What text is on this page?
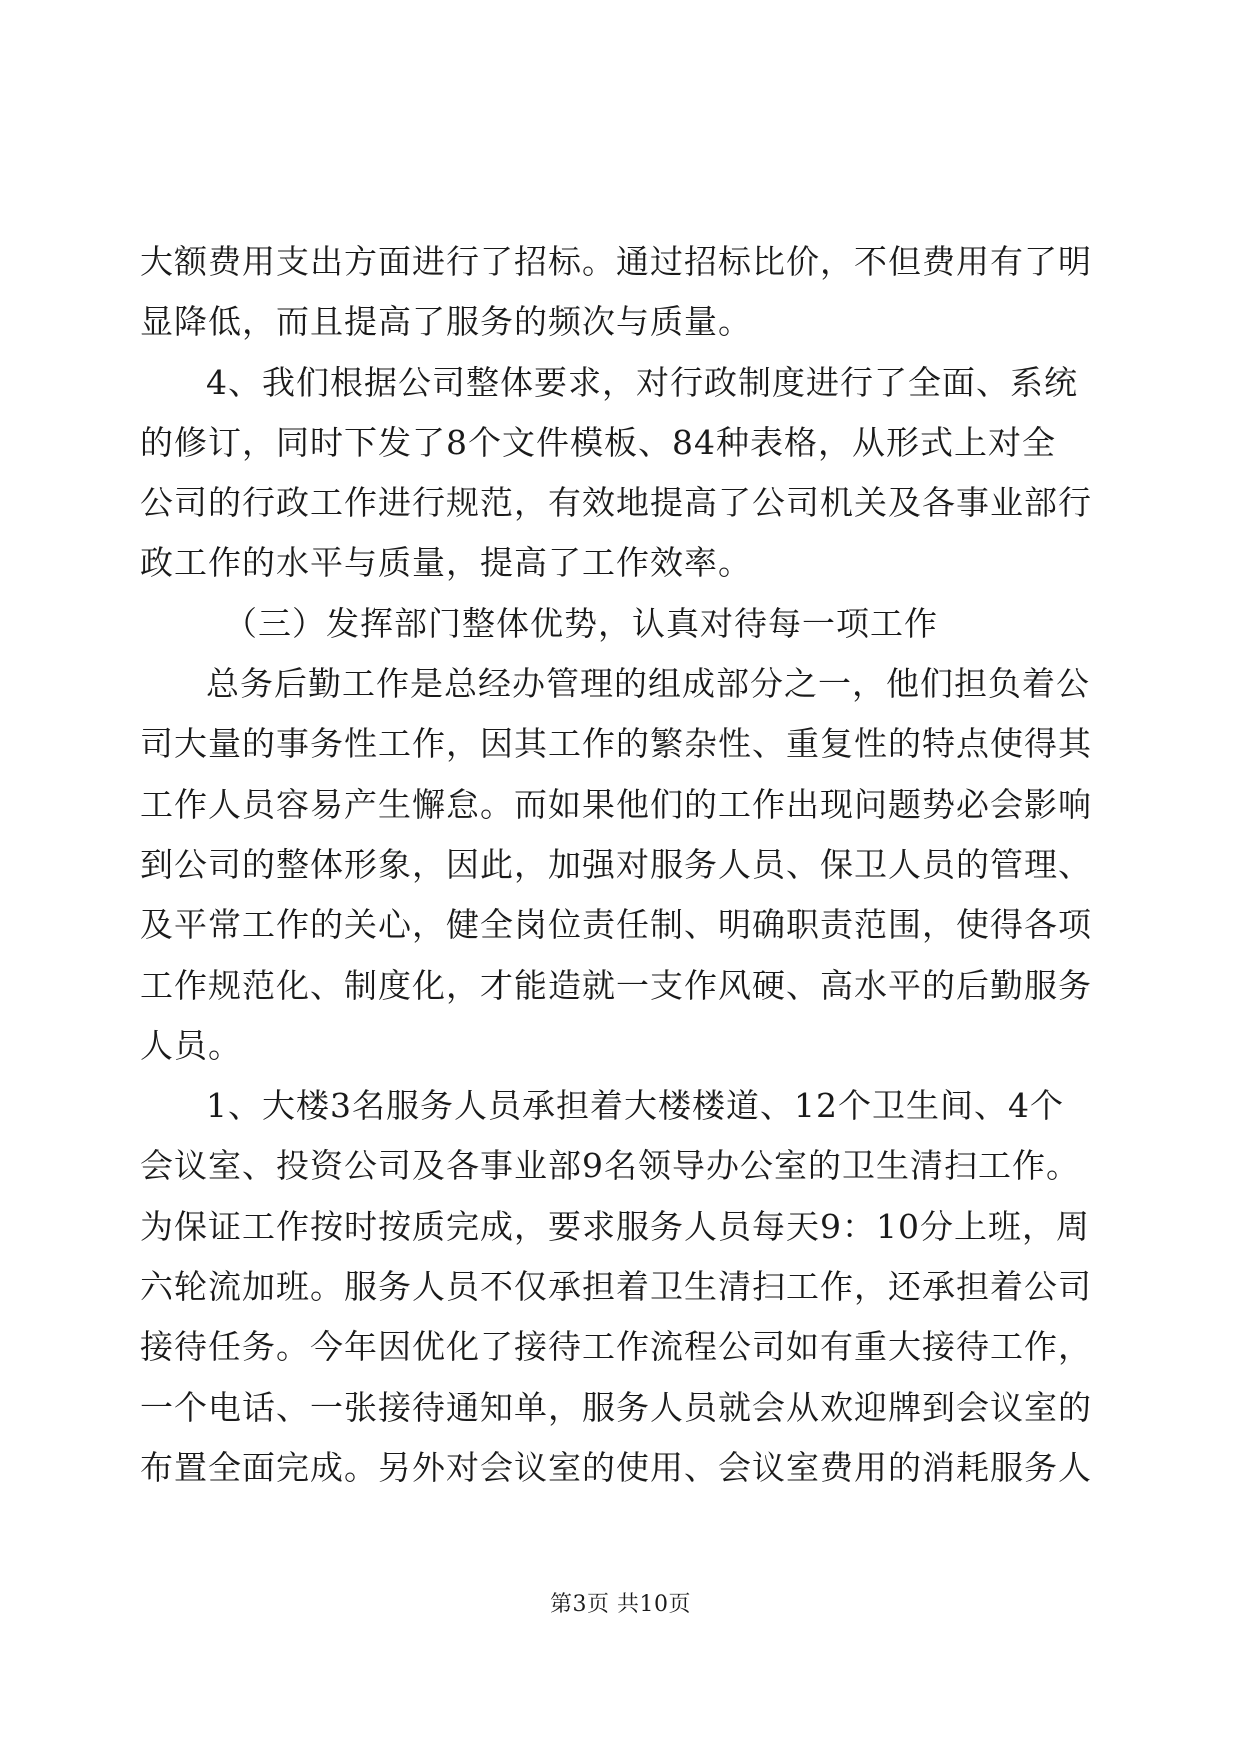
大额费用支出方面进行了招标。通过招标比价，不但费用有了明
显降低，而且提高了服务的频次与质量。
4、我们根据公司整体要求，对行政制度进行了全面、系统
的修订，同时下发了8个文件模板、84种表格，从形式上对全
公司的行政工作进行规范，有效地提高了公司机关及各事业部行
政工作的水平与质量，提高了工作效率。
（三）发挥部门整体优势，认真对待每一项工作
总务后勤工作是总经办管理的组成部分之一，他们担负着公
司大量的事务性工作，因其工作的繁杂性、重复性的特点使得其
工作人员容易产生懈怠。而如果他们的工作出现问题势必会影响
到公司的整体形象，因此，加强对服务人员、保卫人员的管理、
及平常工作的关心，健全岗位责任制、明确职责范围，使得各项
工作规范化、制度化，才能造就一支作风硬、高水平的后勤服务
人员。
1、大楼3名服务人员承担着大楼楼道、12个卫生间、4个
会议室、投资公司及各事业部9名领导办公室的卫生清扫工作。
为保证工作按时按质完成，要求服务人员每天9：10分上班，周
六轮流加班。服务人员不仅承担着卫生清扫工作，还承担着公司
接待任务。今年因优化了接待工作流程公司如有重大接待工作，
一个电话、一张接待通知单，服务人员就会从欢迎牌到会议室的
布置全面完成。另外对会议室的使用、会议室费用的消耗服务人
第3页 共10页
